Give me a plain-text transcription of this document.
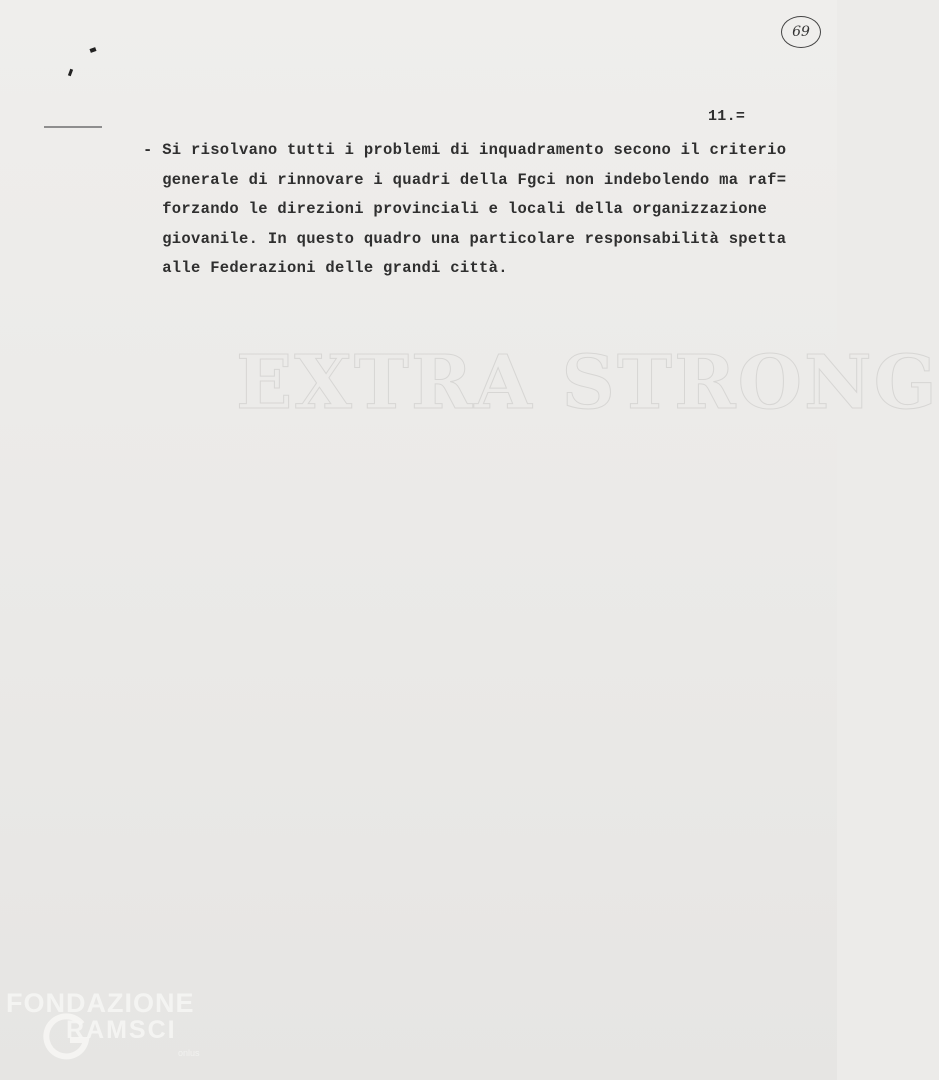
69
11.=
EXTRA STRONG
- Si risolvano tutti i problemi di inquadramento secono il criterio
generale di rinnovare i quadri della Fgci non indebolendo ma raf=
forzando le direzioni provinciali e locali della organizzazione
giovanile. In questo quadro una particolare responsabilità spetta
alle Federazioni delle grandi città.
FONDAZIONE
RAMSCI
onlus
